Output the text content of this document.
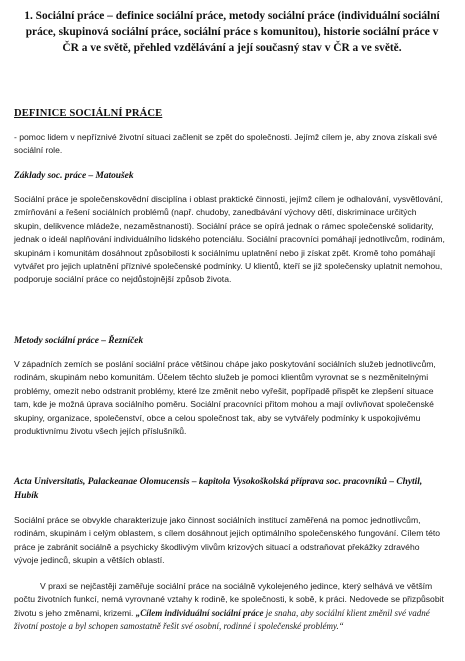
1. Sociální práce – definice sociální práce, metody sociální práce (individuální sociální práce, skupinová sociální práce, sociální práce s komunitou), historie sociální práce v ČR a ve světě, přehled vzdělávání a její současný stav v ČR a ve světě.
DEFINICE SOCIÁLNÍ PRÁCE
- pomoc lidem v nepříznivé životní situaci začlenit se zpět do společnosti. Jejímž cílem je, aby znova získali své sociální role.
Základy soc. práce – Matoušek
Sociální práce je společenskovědní disciplína i oblast praktické činnosti, jejímž cílem je odhalování, vysvětlování, zmírňování a řešení sociálních problémů (např. chudoby, zanedbávání výchovy dětí, diskriminace určitých skupin, delikvence mládeže, nezaměstnanosti). Sociální práce se opírá jednak o rámec společenské solidarity, jednak o ideál naplňování individuálního lidského potenciálu. Sociální pracovníci pomáhají jednotlivcům, rodinám, skupinám i komunitám dosáhnout způsobilosti k sociálnímu uplatnění nebo ji získat zpět. Kromě toho pomáhají vytvářet pro jejich uplatnění příznivé společenské podmínky. U klientů, kteří se již společensky uplatnit nemohou, podporuje sociální práce co nejdůstojnější způsob života.
Metody sociální práce – Řezníček
V západních zemích se poslání sociální práce většinou chápe jako poskytování sociálních služeb jednotlivcům, rodinám, skupinám nebo komunitám. Účelem těchto služeb je pomoci klientům vyrovnat se s nezměnitelnými problémy, omezit nebo odstranit problémy, které lze změnit nebo vyřešit, popřípadě přispět ke zlepšení situace tam, kde je možná úprava sociálního poměru. Sociální pracovníci přitom mohou a mají ovlivňovat společenské skupiny, organizace, společenství, obce a celou společnost tak, aby se vytvářely podmínky k uspokojivému produktivnímu životu všech jejích příslušníků.
Acta Universitatis, Palackeanae Olomucensis – kapitola Vysokoškolská příprava soc. pracovníků – Chytil, Hubík
Sociální práce se obvykle charakterizuje jako činnost sociálních institucí zaměřená na pomoc jednotlivcům, rodinám, skupinám i celým oblastem, s cílem dosáhnout jejich optimálního společenského fungování. Cílem této práce je zabránit sociálně a psychicky škodlivým vlivům krizových situací a odstraňovat překážky zdravého vývoje jedinců, skupin a větších oblastí.
V praxi se nejčastěji zaměřuje sociální práce na sociálně vykolejeného jedince, který selhává ve větším počtu životních funkcí, nemá vyrovnané vztahy k rodině, ke společnosti, k sobě, k práci. Nedovede se přizpůsobit životu s jeho změnami, krizemi. „Cílem individuální sociální práce je snaha, aby sociální klient změnil své vadné životní postoje a byl schopen samostatně řešit své osobní, rodinné i společenské problémy.“
